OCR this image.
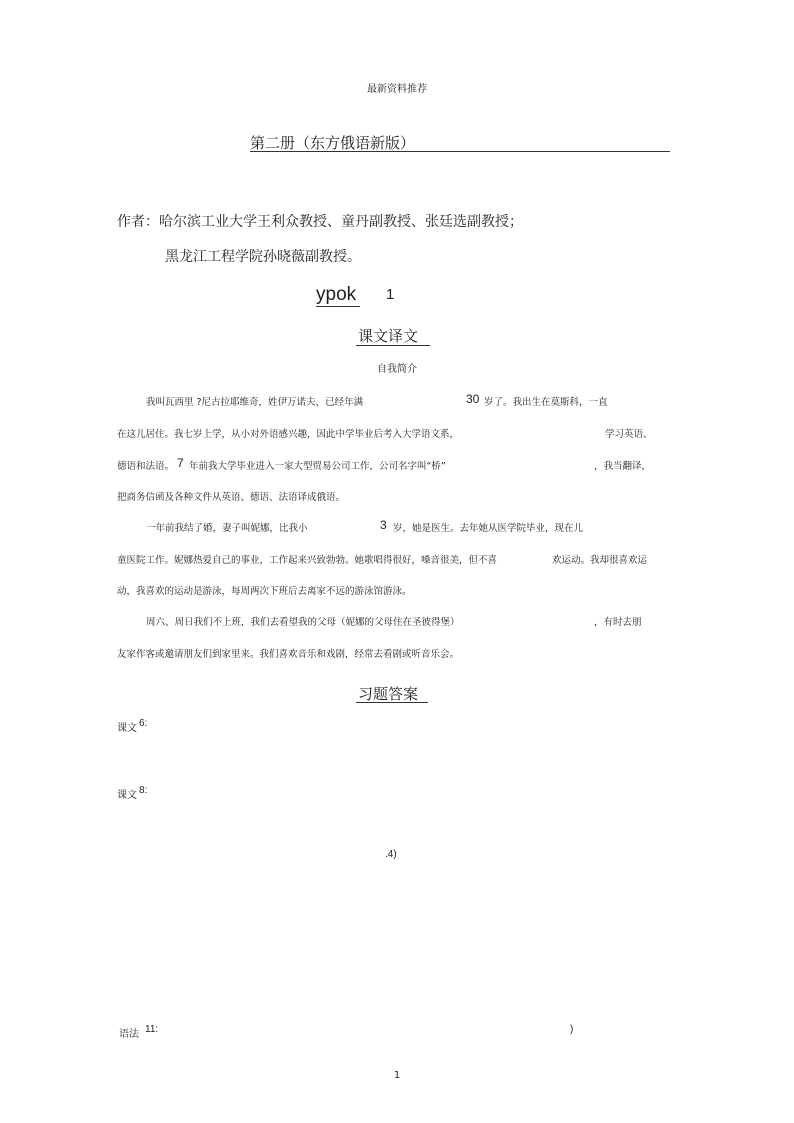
最新资料推荐
第二册（东方俄语新版）
作者：哈尔滨工业大学王利众教授、童丹副教授、张廷选副教授；
黑龙江工程学院孙晓薇副教授。
ypok 1
课文译文
自我简介
我叫瓦西里 ?尼古拉耶维奇，姓伊万诺夫，已经年满	30 岁了。我出生在莫斯科，一直
在这儿居住。我七岁上学，从小对外语感兴趣，因此中学毕业后考入大学语文系，	学习英语、
德语和法语。 7 年前我大学毕业进入一家大型贸易公司工作，公司名字叫“桥”	，我当翻译，
把商务信函及各种文件从英语、德语、法语译成俄语。
一年前我结了婚，妻子叫妮娜，比我小	3 岁，她是医生。去年她从医学院毕业，现在儿
童医院工作。妮娜热爱自己的事业，工作起来兴致勃勃。她歌唱得很好，嗓音很美，但不喜	欢运动。我却很喜欢运
动，我喜欢的运动是游泳，每周两次下班后去离家不远的游泳馆游泳。
周六、周日我们不上班，我们去看望我的父母（妮娜的父母住在圣彼得堡）	，有时去朋
友家作客或邀请朋友们到家里来。我们喜欢音乐和戏剧，经常去看剧或听音乐会。
习题答案
课文 6:
课文 8:
.4)
语法 11:	)
1
